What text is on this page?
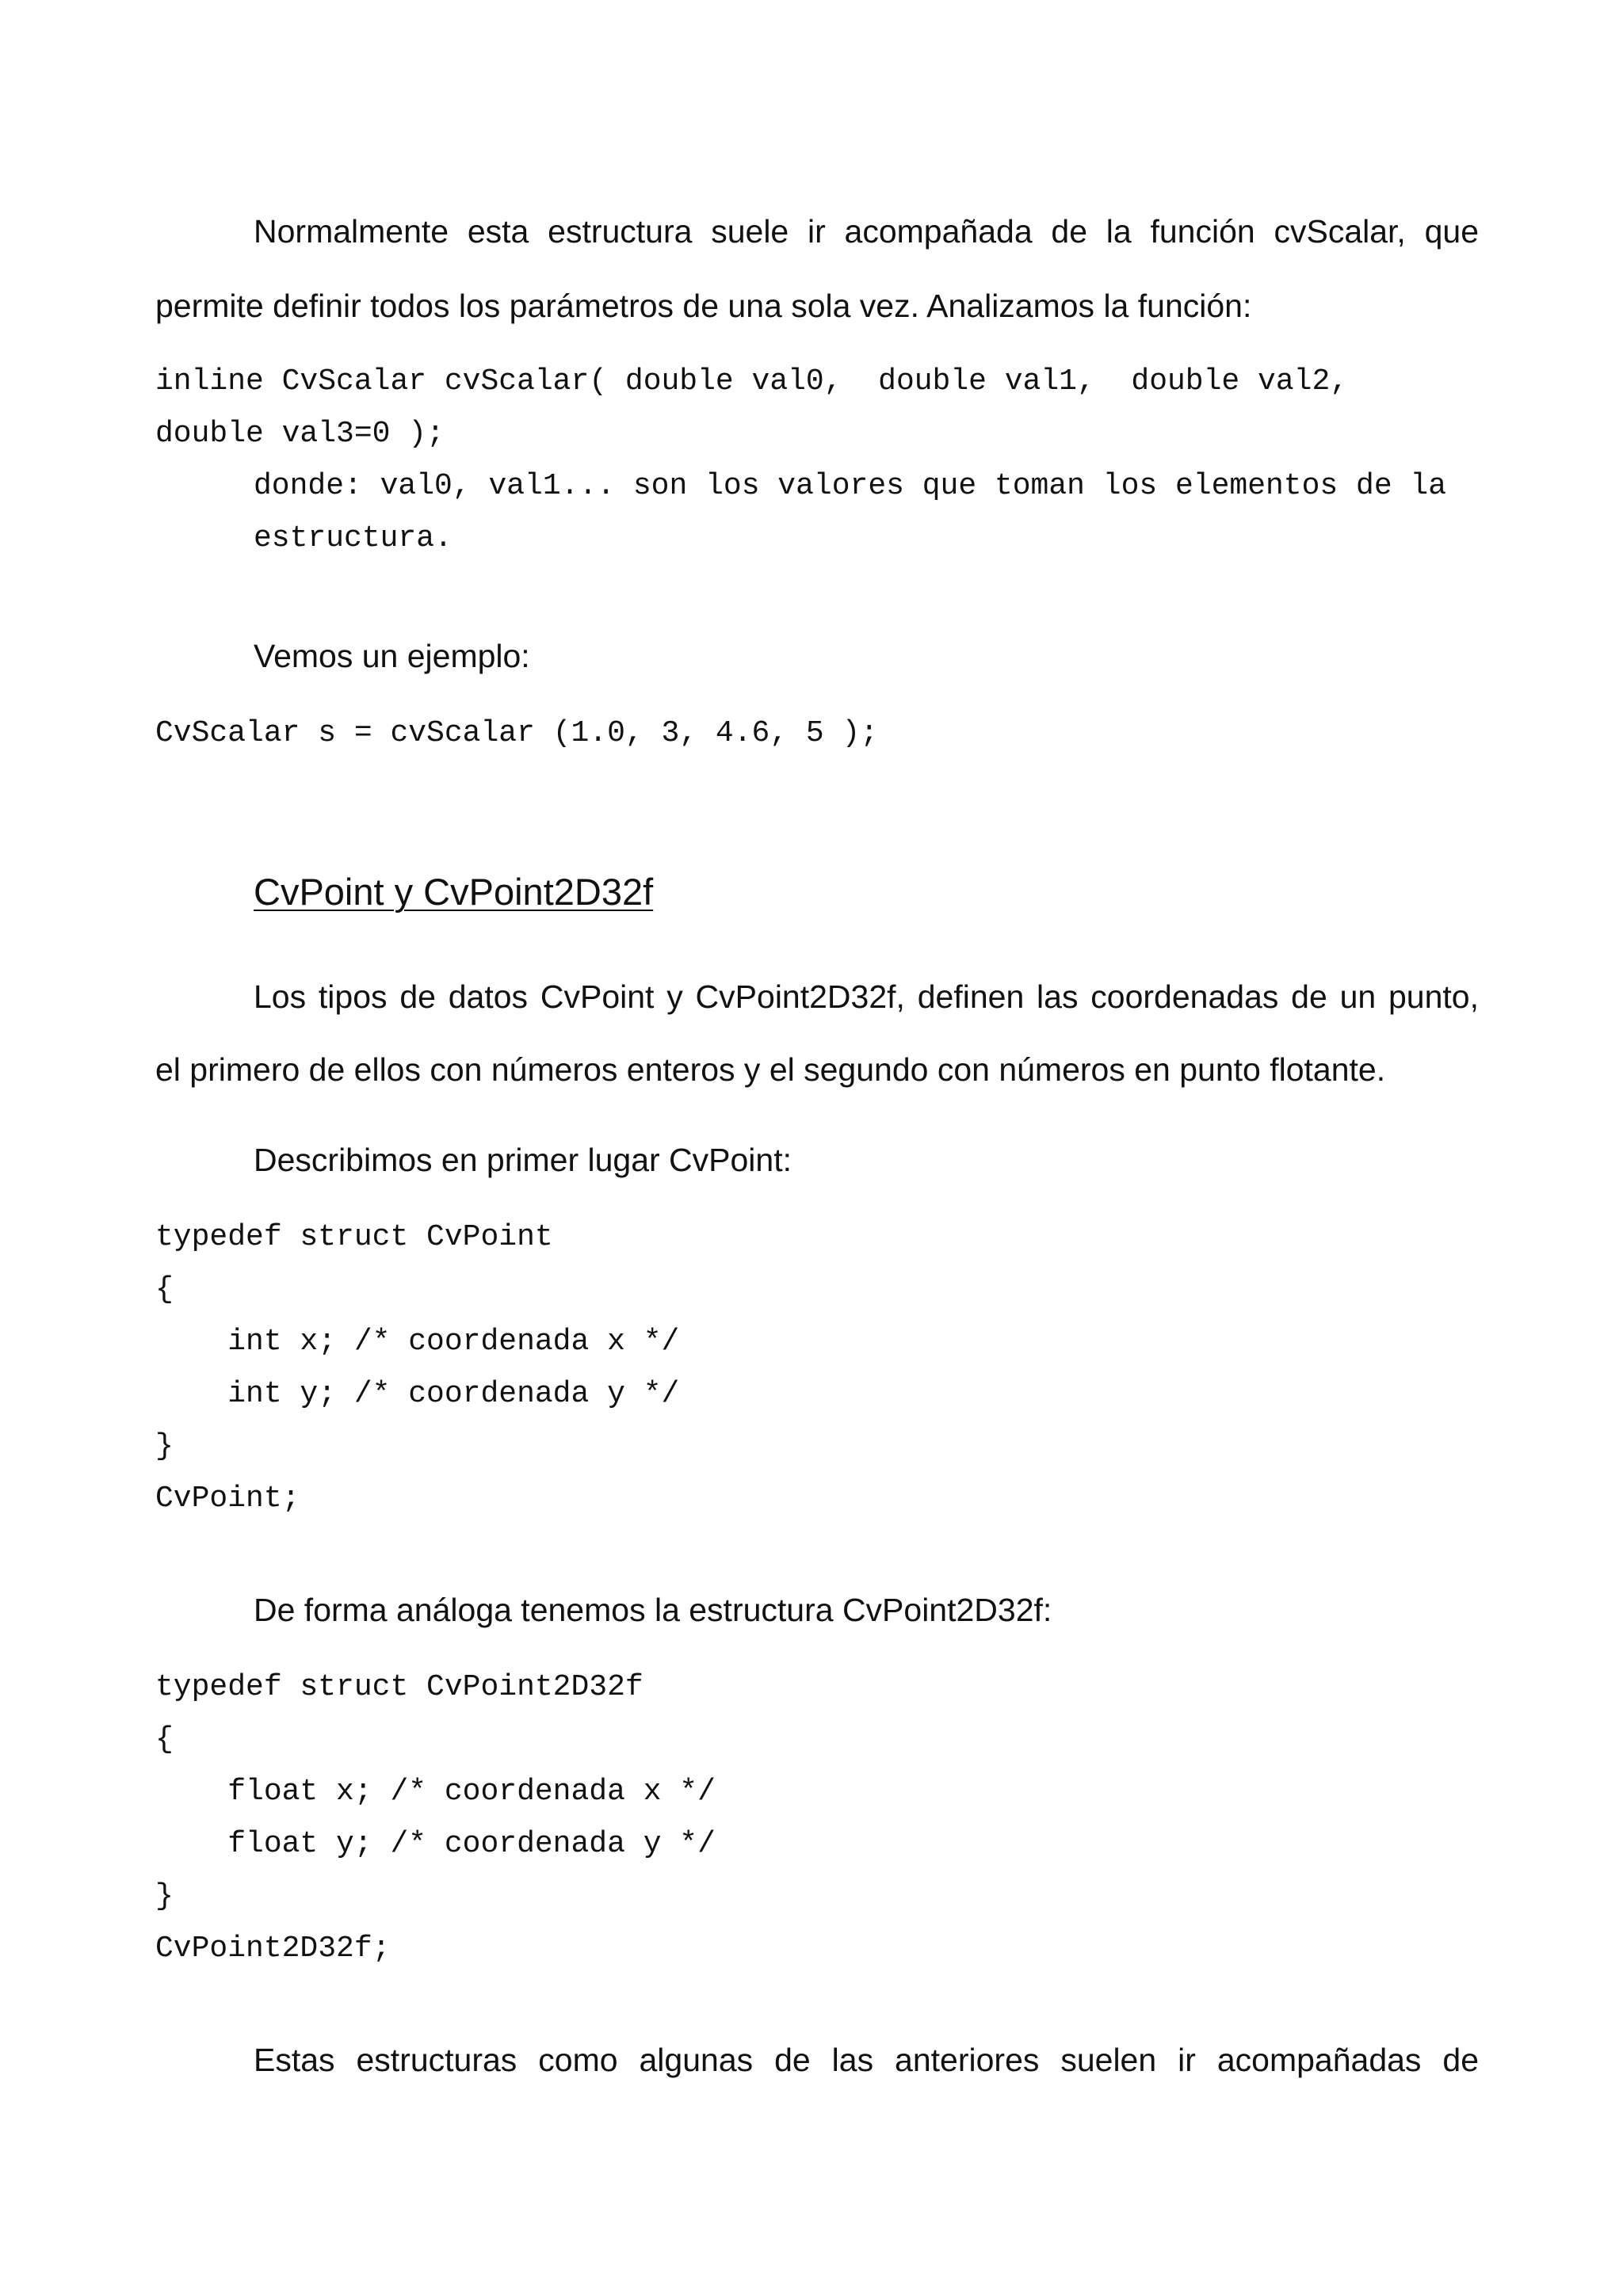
Normalmente esta estructura suele ir acompañada de la función cvScalar, que

permite definir todos los parámetros de una sola vez. Analizamos la función:

inline CvScalar cvScalar( double val0,  double val1,  double val2,
double val3=0 );
donde: val0, val1... son los valores que toman los elementos de la
estructura.

Vemos un ejemplo:

CvScalar s = cvScalar (1.0, 3, 4.6, 5 );

CvPoint y CvPoint2D32f

Los tipos de datos CvPoint y CvPoint2D32f, definen las coordenadas de un punto,

el primero de ellos con números enteros y el segundo con números en punto flotante.

Describimos en primer lugar CvPoint:

typedef struct CvPoint
{
int x; /* coordenada x */
int y; /* coordenada y */
}
CvPoint;

De forma análoga tenemos la estructura CvPoint2D32f:

typedef struct CvPoint2D32f
{
float x; /* coordenada x */
float y; /* coordenada y */
}
CvPoint2D32f;

Estas estructuras como algunas de las anteriores suelen ir acompañadas de
